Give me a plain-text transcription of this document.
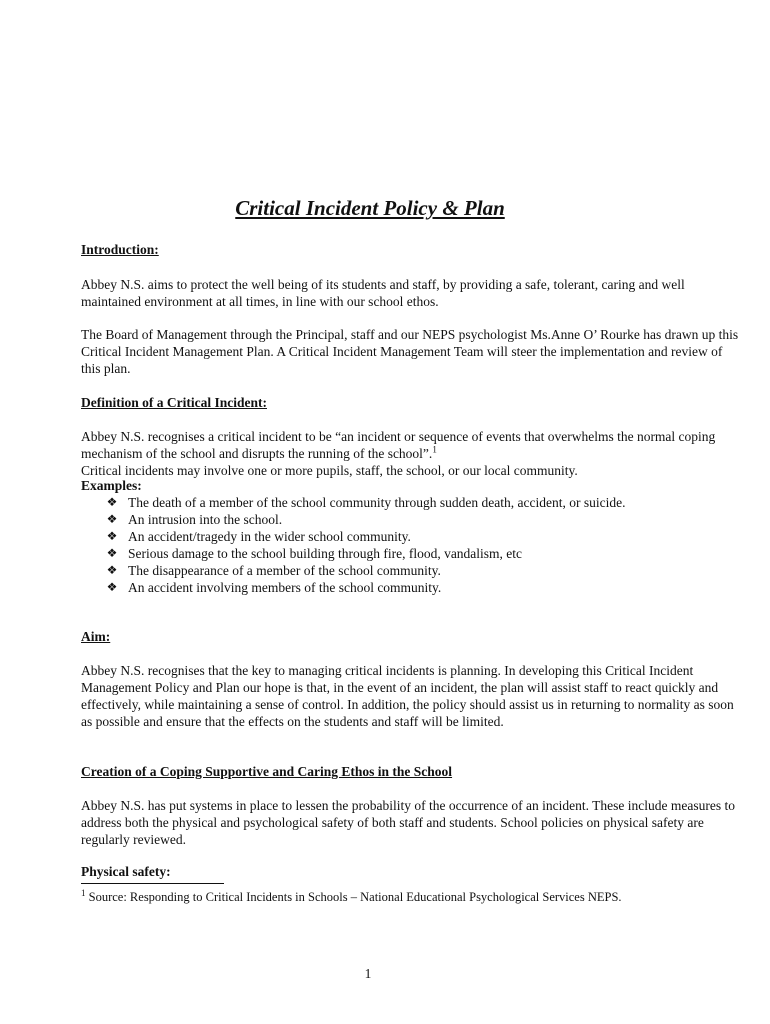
Critical Incident Policy & Plan
Introduction:

Abbey N.S. aims to protect the well being of its students and staff, by providing a safe, tolerant, caring and well maintained environment at all times, in line with our school ethos.

The Board of Management through the Principal, staff and our NEPS psychologist Ms.Anne O’ Rourke has drawn up this Critical Incident Management Plan. A Critical Incident Management Team will steer the implementation and review of this plan.

Definition of a Critical Incident:

Abbey N.S. recognises a critical incident to be “an incident or sequence of events that overwhelms the normal coping mechanism of the school and disrupts the running of the school”.$^1$

Critical incidents may involve one or more pupils, staff, the school, or our local community.

Examples:
❖ The death of a member of the school community through sudden death, accident, or suicide.
❖ An intrusion into the school.
❖ An accident/tragedy in the wider school community.
❖ Serious damage to the school building through fire, flood, vandalism, etc
❖ The disappearance of a member of the school community.
❖ An accident involving members of the school community.
Aim:

Abbey N.S. recognises that the key to managing critical incidents is planning. In developing this Critical Incident Management Policy and Plan our hope is that, in the event of an incident, the plan will assist staff to react quickly and effectively, while maintaining a sense of control. In addition, the policy should assist us in returning to normality as soon as possible and ensure that the effects on the students and staff will be limited.

Creation of a Coping Supportive and Caring Ethos in the School

Abbey N.S. has put systems in place to lessen the probability of the occurrence of an incident. These include measures to address both the physical and psychological safety of both staff and students. School policies on physical safety are regularly reviewed.

Physical safety:
$^1$ Source: Responding to Critical Incidents in Schools – National Educational Psychological Services NEPS.
1
